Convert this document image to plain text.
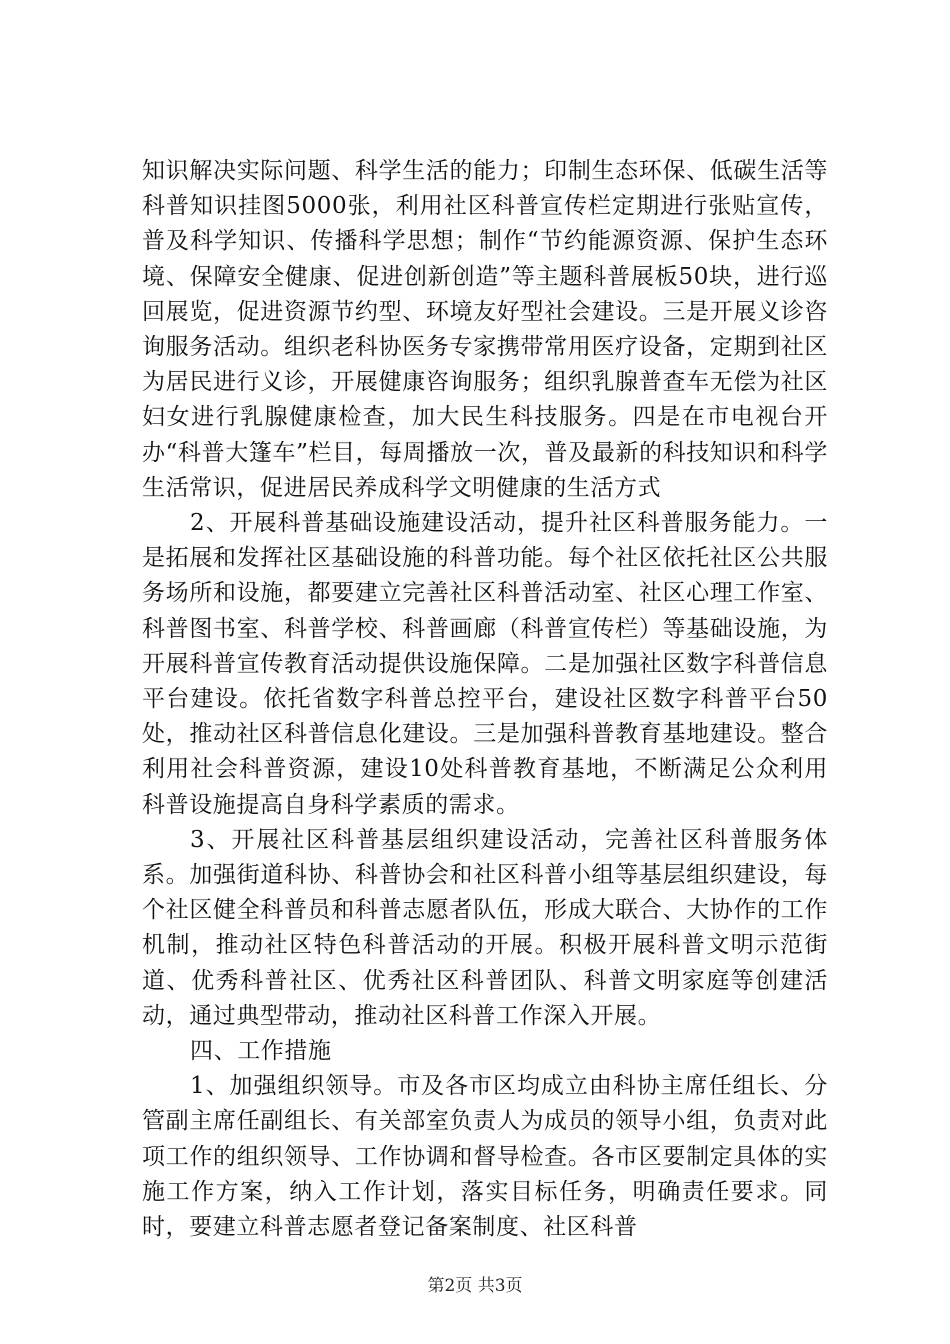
知识解决实际问题、科学生活的能力；印制生态环保、低碳生活等科普知识挂图5000张，利用社区科普宣传栏定期进行张贴宣传，普及科学知识、传播科学思想；制作“节约能源资源、保护生态环境、保障安全健康、促进创新创造”等主题科普展板50块，进行巡回展览，促进资源节约型、环境友好型社会建设。三是开展义诊咨询服务活动。组织老科协医务专家携带常用医疗设备，定期到社区为居民进行义诊，开展健康咨询服务；组织乳腺普查车无偿为社区妇女进行乳腺健康检查，加大民生科技服务。四是在市电视台开办“科普大篷车”栏目，每周播放一次，普及最新的科技知识和科学生活常识，促进居民养成科学文明健康的生活方式

2、开展科普基础设施建设活动，提升社区科普服务能力。一是拓展和发挥社区基础设施的科普功能。每个社区依托社区公共服务场所和设施，都要建立完善社区科普活动室、社区心理工作室、科普图书室、科普学校、科普画廊（科普宣传栏）等基础设施，为开展科普宣传教育活动提供设施保障。二是加强社区数字科普信息平台建设。依托省数字科普总控平台，建设社区数字科普平台50处，推动社区科普信息化建设。三是加强科普教育基地建设。整合利用社会科普资源，建设10处科普教育基地，不断满足公众利用科普设施提高自身科学素质的需求。

3、开展社区科普基层组织建设活动，完善社区科普服务体系。加强街道科协、科普协会和社区科普小组等基层组织建设，每个社区健全科普员和科普志愿者队伍，形成大联合、大协作的工作机制，推动社区特色科普活动的开展。积极开展科普文明示范街道、优秀科普社区、优秀社区科普团队、科普文明家庭等创建活动，通过典型带动，推动社区科普工作深入开展。

四、工作措施

1、加强组织领导。市及各市区均成立由科协主席任组长、分管副主席任副组长、有关部室负责人为成员的领导小组，负责对此项工作的组织领导、工作协调和督导检查。各市区要制定具体的实施工作方案，纳入工作计划，落实目标任务，明确责任要求。同时，要建立科普志愿者登记备案制度、社区科普

第2页 共3页
